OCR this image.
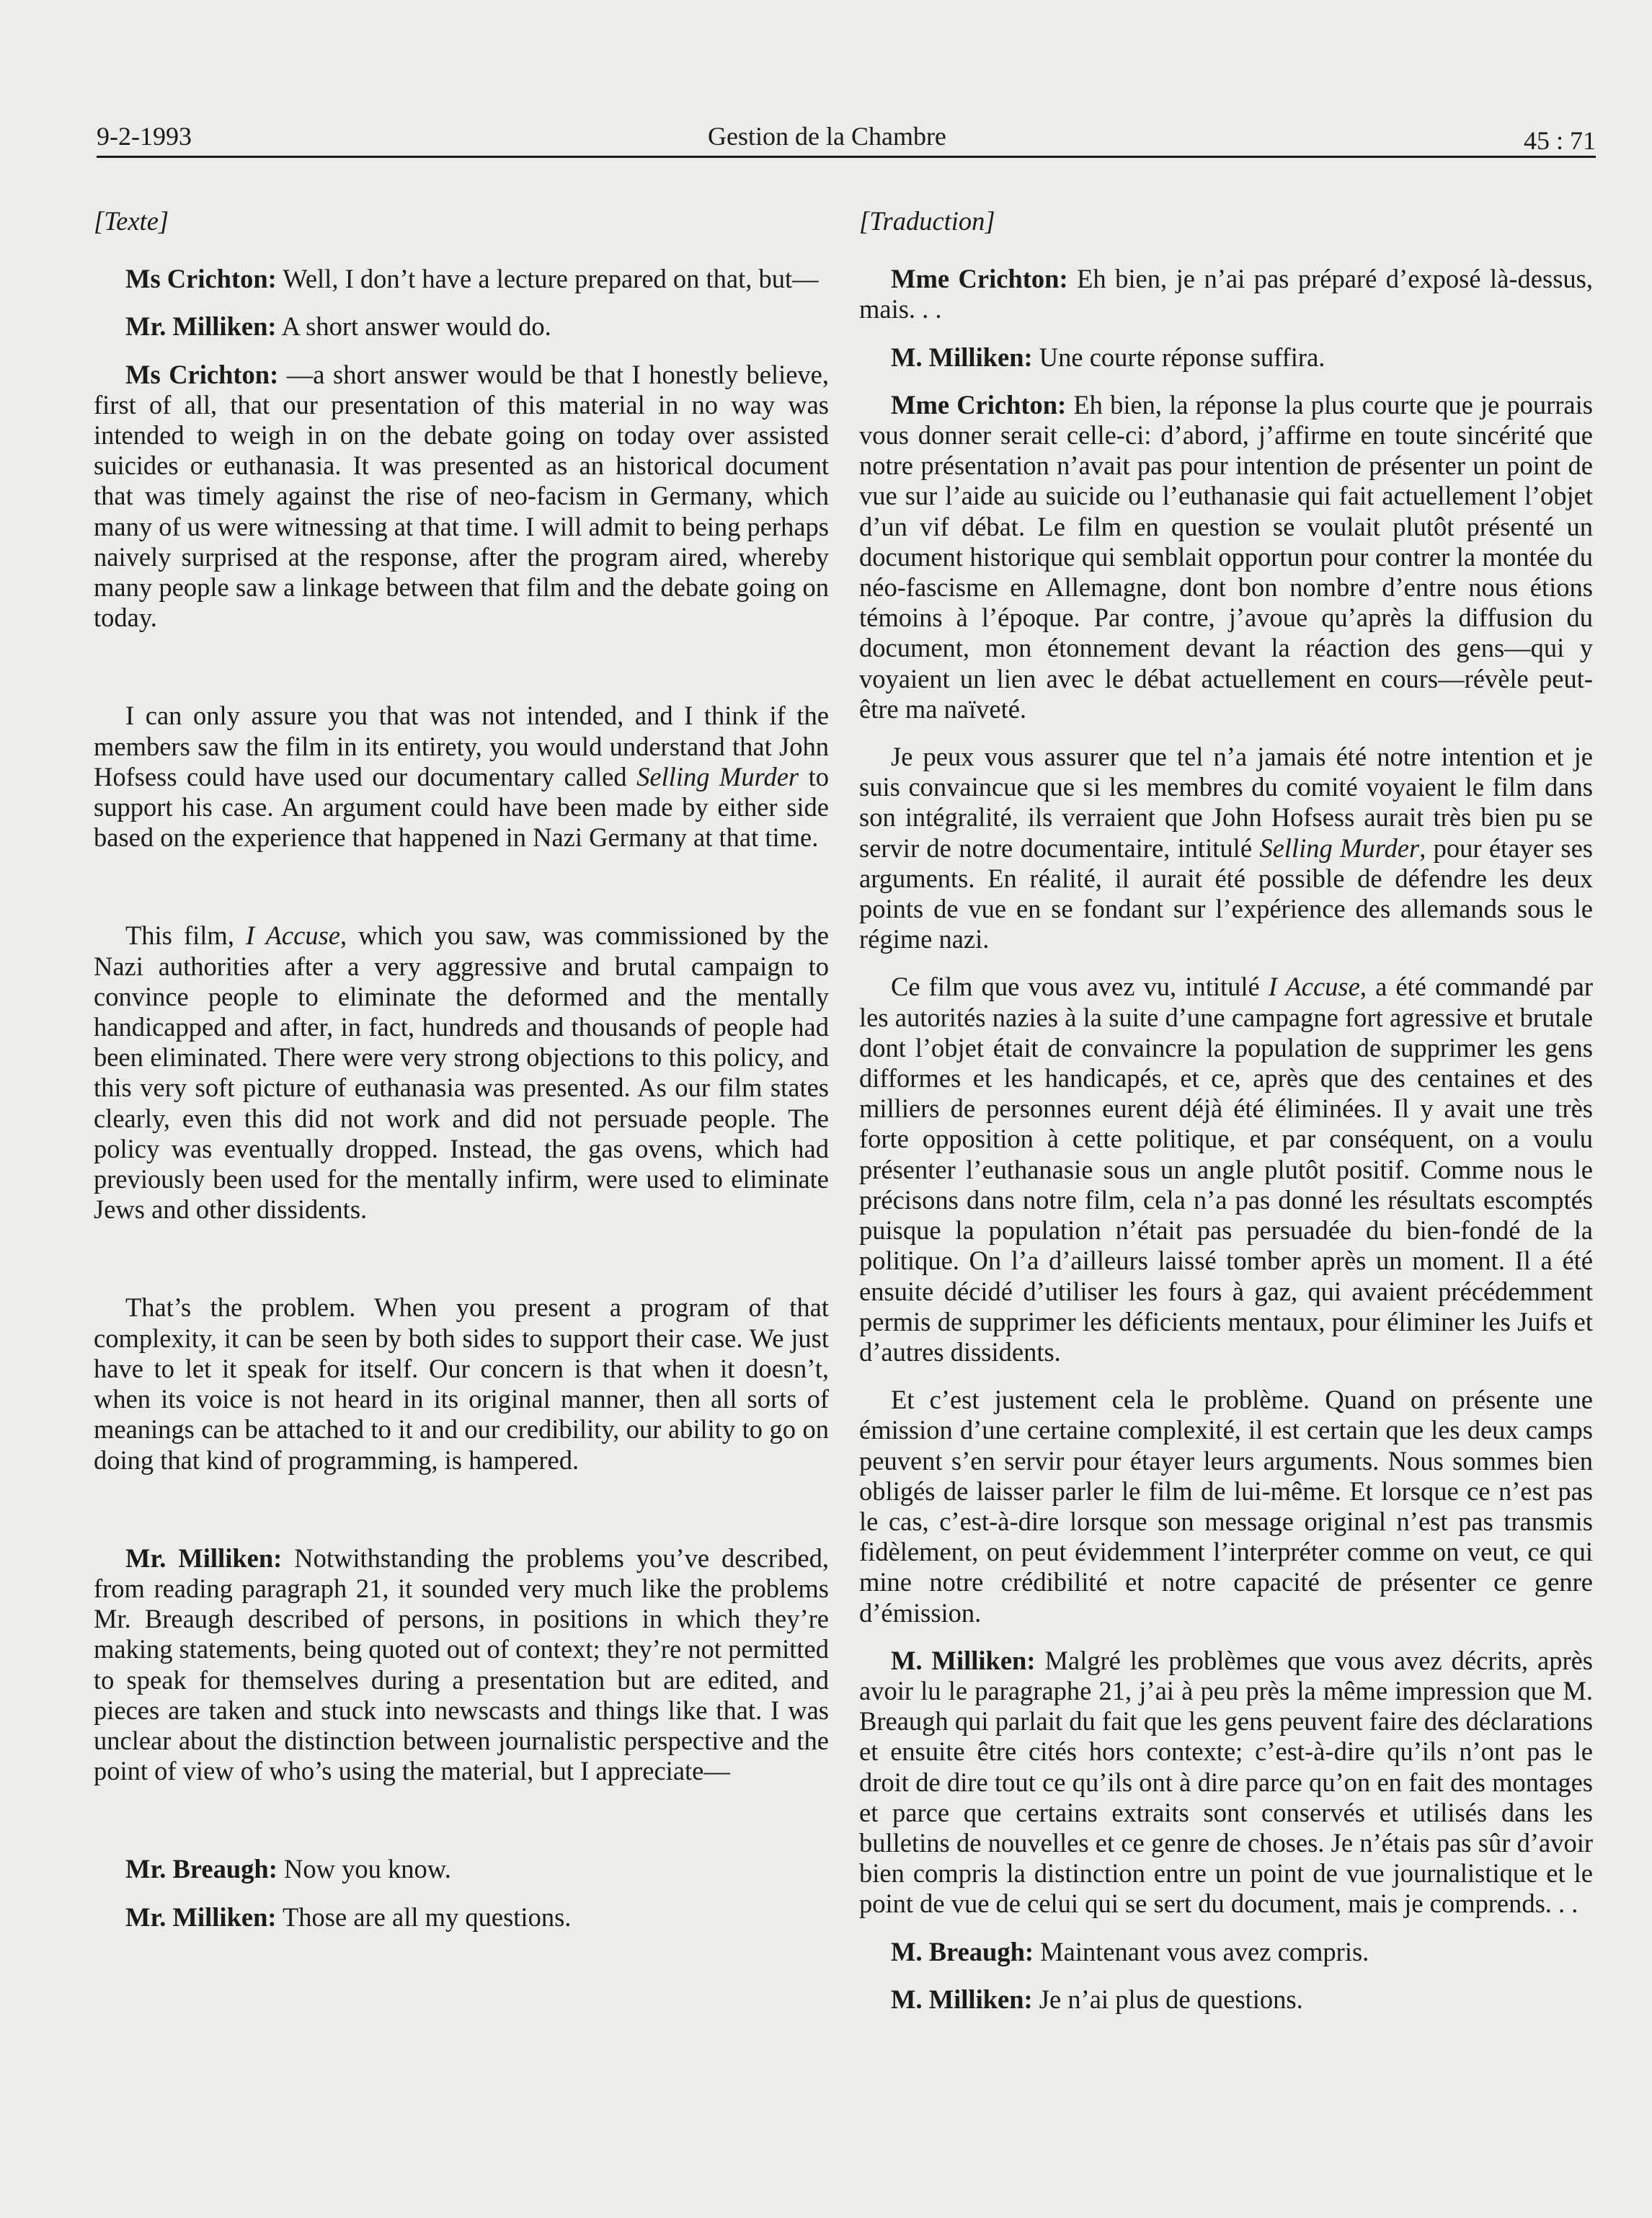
9-2-1993	Gestion de la Chambre	45 : 71

[Texte]

Ms Crichton: Well, I don’t have a lecture prepared on that, but—

Mr. Milliken: A short answer would do.

Ms Crichton: —a short answer would be that I honestly believe, first of all, that our presentation of this material in no way was intended to weigh in on the debate going on today over assisted suicides or euthanasia. It was presented as an historical document that was timely against the rise of neo-facism in Germany, which many of us were witnessing at that time. I will admit to being perhaps naively surprised at the response, after the program aired, whereby many people saw a linkage between that film and the debate going on today.

I can only assure you that was not intended, and I think if the members saw the film in its entirety, you would understand that John Hofsess could have used our documentary called Selling Murder to support his case. An argument could have been made by either side based on the experience that happened in Nazi Germany at that time.

This film, I Accuse, which you saw, was commissioned by the Nazi authorities after a very aggressive and brutal campaign to convince people to eliminate the deformed and the mentally handicapped and after, in fact, hundreds and thousands of people had been eliminated. There were very strong objections to this policy, and this very soft picture of euthanasia was presented. As our film states clearly, even this did not work and did not persuade people. The policy was eventually dropped. Instead, the gas ovens, which had previously been used for the mentally infirm, were used to eliminate Jews and other dissidents.

That’s the problem. When you present a program of that complexity, it can be seen by both sides to support their case. We just have to let it speak for itself. Our concern is that when it doesn’t, when its voice is not heard in its original manner, then all sorts of meanings can be attached to it and our credibility, our ability to go on doing that kind of programming, is hampered.

Mr. Milliken: Notwithstanding the problems you’ve described, from reading paragraph 21, it sounded very much like the problems Mr. Breaugh described of persons, in positions in which they’re making statements, being quoted out of context; they’re not permitted to speak for themselves during a presentation but are edited, and pieces are taken and stuck into newscasts and things like that. I was unclear about the distinction between journalistic perspective and the point of view of who’s using the material, but I appreciate—

Mr. Breaugh: Now you know.

Mr. Milliken: Those are all my questions.

[Traduction]

Mme Crichton: Eh bien, je n’ai pas préparé d’exposé là-dessus, mais. . .

M. Milliken: Une courte réponse suffira.

Mme Crichton: Eh bien, la réponse la plus courte que je pourrais vous donner serait celle-ci: d’abord, j’affirme en toute sincérité que notre présentation n’avait pas pour intention de présenter un point de vue sur l’aide au suicide ou l’euthanasie qui fait actuellement l’objet d’un vif débat. Le film en question se voulait plutôt présenté un document historique qui semblait opportun pour contrer la montée du néo-fascisme en Allemagne, dont bon nombre d’entre nous étions témoins à l’époque. Par contre, j’avoue qu’après la diffusion du document, mon étonnement devant la réaction des gens—qui y voyaient un lien avec le débat actuellement en cours—révèle peut-être ma naïveté.

Je peux vous assurer que tel n’a jamais été notre intention et je suis convaincue que si les membres du comité voyaient le film dans son intégralité, ils verraient que John Hofsess aurait très bien pu se servir de notre documentaire, intitulé Selling Murder, pour étayer ses arguments. En réalité, il aurait été possible de défendre les deux points de vue en se fondant sur l’expérience des allemands sous le régime nazi.

Ce film que vous avez vu, intitulé I Accuse, a été commandé par les autorités nazies à la suite d’une campagne fort agressive et brutale dont l’objet était de convaincre la population de supprimer les gens difformes et les handicapés, et ce, après que des centaines et des milliers de personnes eurent déjà été éliminées. Il y avait une très forte opposition à cette politique, et par conséquent, on a voulu présenter l’euthanasie sous un angle plutôt positif. Comme nous le précisons dans notre film, cela n’a pas donné les résultats escomptés puisque la population n’était pas persuadée du bien-fondé de la politique. On l’a d’ailleurs laissé tomber après un moment. Il a été ensuite décidé d’utiliser les fours à gaz, qui avaient précédemment permis de supprimer les déficients mentaux, pour éliminer les Juifs et d’autres dissidents.

Et c’est justement cela le problème. Quand on présente une émission d’une certaine complexité, il est certain que les deux camps peuvent s’en servir pour étayer leurs arguments. Nous sommes bien obligés de laisser parler le film de lui-même. Et lorsque ce n’est pas le cas, c’est-à-dire lorsque son message original n’est pas transmis fidèlement, on peut évidemment l’interpréter comme on veut, ce qui mine notre crédibilité et notre capacité de présenter ce genre d’émission.

M. Milliken: Malgré les problèmes que vous avez décrits, après avoir lu le paragraphe 21, j’ai à peu près la même impression que M. Breaugh qui parlait du fait que les gens peuvent faire des déclarations et ensuite être cités hors contexte; c’est-à-dire qu’ils n’ont pas le droit de dire tout ce qu’ils ont à dire parce qu’on en fait des montages et parce que certains extraits sont conservés et utilisés dans les bulletins de nouvelles et ce genre de choses. Je n’étais pas sûr d’avoir bien compris la distinction entre un point de vue journalistique et le point de vue de celui qui se sert du document, mais je comprends. . .

M. Breaugh: Maintenant vous avez compris.

M. Milliken: Je n’ai plus de questions.
